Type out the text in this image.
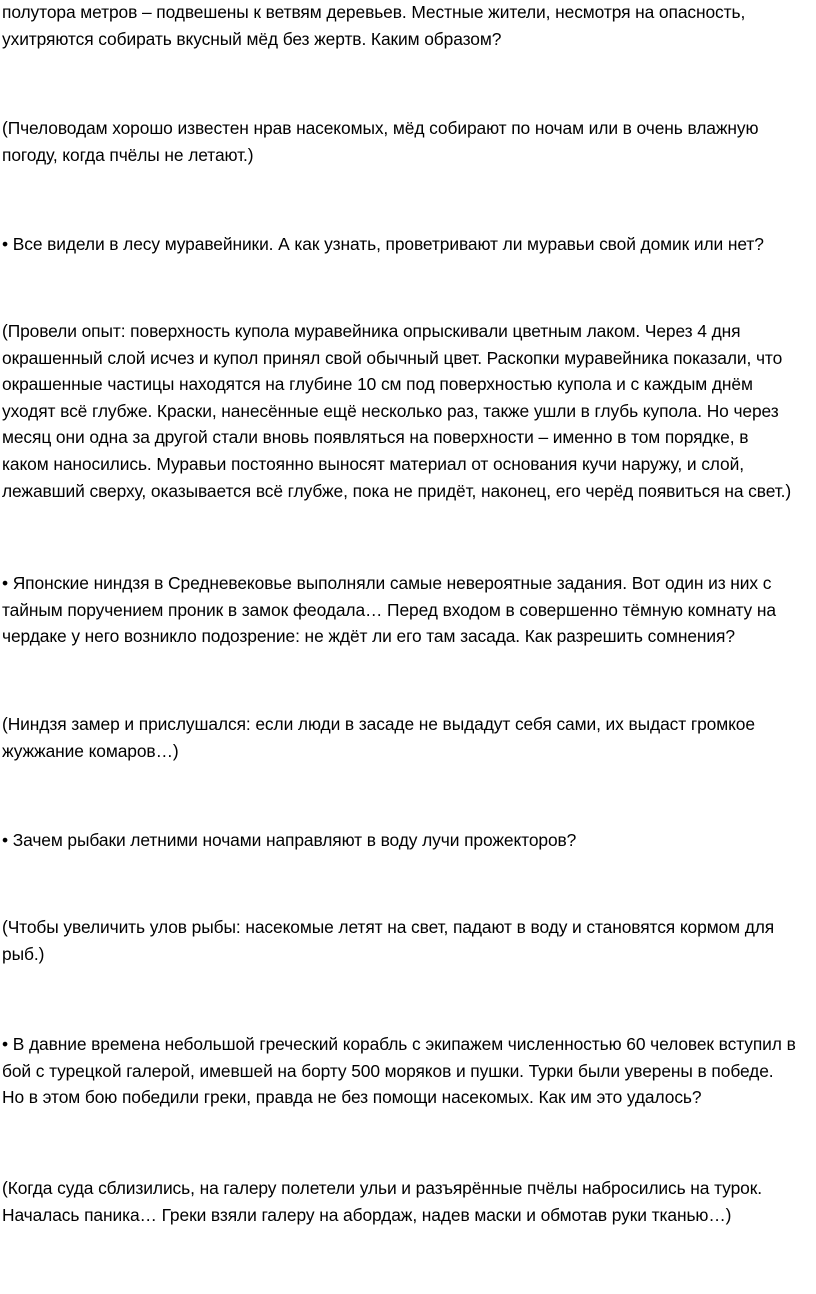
полутора метров – подвешены к ветвям деревьев. Местные жители, несмотря на опасность,
ухитряются собирать вкусный мёд без жертв. Каким образом?

(Пчеловодам хорошо известен нрав насекомых, мёд собирают по ночам или в очень влажную
погоду, когда пчёлы не летают.)

• Все видели в лесу муравейники. А как узнать, проветривают ли муравьи свой домик или нет?

(Провели опыт: поверхность купола муравейника опрыскивали цветным лаком. Через 4 дня
окрашенный слой исчез и купол принял свой обычный цвет. Раскопки муравейника показали, что
окрашенные частицы находятся на глубине 10 см под поверхностью купола и с каждым днём
уходят всё глубже. Краски, нанесённые ещё несколько раз, также ушли в глубь купола. Но через
месяц они одна за другой стали вновь появляться на поверхности – именно в том порядке, в
каком наносились. Муравьи постоянно выносят материал от основания кучи наружу, и слой,
лежавший сверху, оказывается всё глубже, пока не придёт, наконец, его черёд появиться на свет.)

• Японские ниндзя в Средневековье выполняли самые невероятные задания. Вот один из них с
тайным поручением проник в замок феодала… Перед входом в совершенно тёмную комнату на
чердаке у него возникло подозрение: не ждёт ли его там засада. Как разрешить сомнения?

(Ниндзя замер и прислушался: если люди в засаде не выдадут себя сами, их выдаст громкое
жужжание комаров…)

• Зачем рыбаки летними ночами направляют в воду лучи прожекторов?

(Чтобы увеличить улов рыбы: насекомые летят на свет, падают в воду и становятся кормом для
рыб.)

• В давние времена небольшой греческий корабль с экипажем численностью 60 человек вступил в
бой с турецкой галерой, имевшей на борту 500 моряков и пушки. Турки были уверены в победе.
Но в этом бою победили греки, правда не без помощи насекомых. Как им это удалось?

(Когда суда сблизились, на галеру полетели ульи и разъярённые пчёлы набросились на турок.
Началась паника… Греки взяли галеру на абордаж, надев маски и обмотав руки тканью…)
